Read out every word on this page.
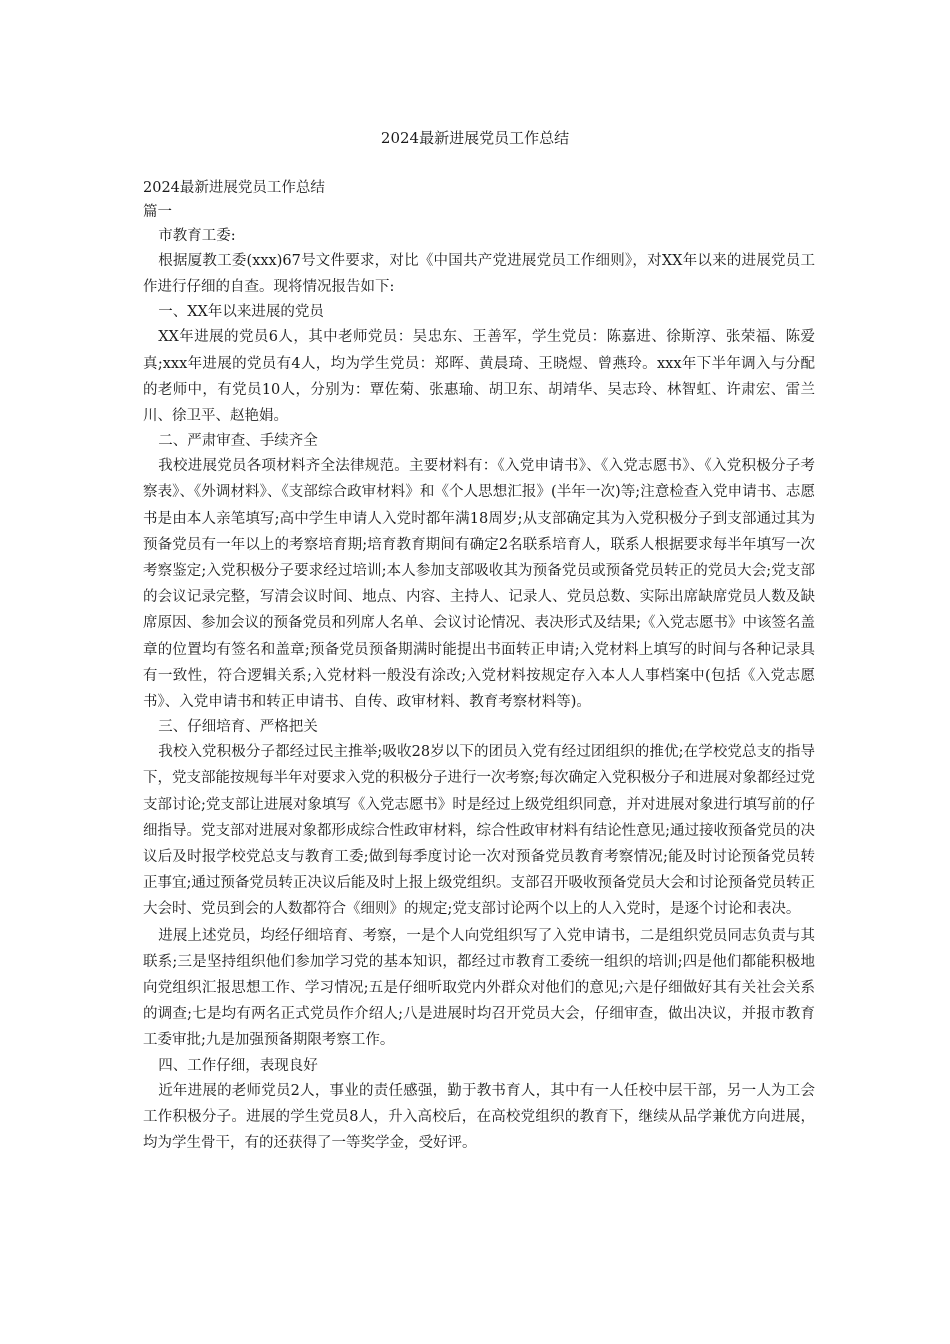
2024最新进展党员工作总结

2024最新进展党员工作总结

篇一

市教育工委:

根据厦教工委(xxx)67号文件要求，对比《中国共产党进展党员工作细则》，对XX年以来的进展党员工作进行仔细的自查。现将情况报告如下:

一、XX年以来进展的党员

XX年进展的党员6人，其中老师党员：吴忠东、王善军，学生党员：陈嘉进、徐斯淳、张荣福、陈爱真;xxx年进展的党员有4人，均为学生党员：郑晖、黄晨琦、王晓煜、曾燕玲。xxx年下半年调入与分配的老师中，有党员10人，分别为：覃佐菊、张惠瑜、胡卫东、胡靖华、吴志玲、林智虹、许肃宏、雷兰川、徐卫平、赵艳娟。

二、严肃审查、手续齐全

我校进展党员各项材料齐全法律规范。主要材料有：《入党申请书》、《入党志愿书》、《入党积极分子考察表》、《外调材料》、《支部综合政审材料》和《个人思想汇报》(半年一次)等;注意检查入党申请书、志愿书是由本人亲笔填写;高中学生申请人入党时都年满18周岁;从支部确定其为入党积极分子到支部通过其为预备党员有一年以上的考察培育期;培育教育期间有确定2名联系培育人，联系人根据要求每半年填写一次考察鉴定;入党积极分子要求经过培训;本人参加支部吸收其为预备党员或预备党员转正的党员大会;党支部的会议记录完整，写清会议时间、地点、内容、主持人、记录人、党员总数、实际出席缺席党员人数及缺席原因、参加会议的预备党员和列席人名单、会议讨论情况、表决形式及结果;《入党志愿书》中该签名盖章的位置均有签名和盖章;预备党员预备期满时能提出书面转正申请;入党材料上填写的时间与各种记录具有一致性，符合逻辑关系;入党材料一般没有涂改;入党材料按规定存入本人人事档案中(包括《入党志愿书》、入党申请书和转正申请书、自传、政审材料、教育考察材料等)。

三、仔细培育、严格把关

我校入党积极分子都经过民主推举;吸收28岁以下的团员入党有经过团组织的推优;在学校党总支的指导下，党支部能按规每半年对要求入党的积极分子进行一次考察;每次确定入党积极分子和进展对象都经过党支部讨论;党支部让进展对象填写《入党志愿书》时是经过上级党组织同意，并对进展对象进行填写前的仔细指导。党支部对进展对象都形成综合性政审材料，综合性政审材料有结论性意见;通过接收预备党员的决议后及时报学校党总支与教育工委;做到每季度讨论一次对预备党员教育考察情况;能及时讨论预备党员转正事宜;通过预备党员转正决议后能及时上报上级党组织。支部召开吸收预备党员大会和讨论预备党员转正大会时、党员到会的人数都符合《细则》的规定;党支部讨论两个以上的人入党时，是逐个讨论和表决。

进展上述党员，均经仔细培育、考察，一是个人向党组织写了入党申请书，二是组织党员同志负责与其联系;三是坚持组织他们参加学习党的基本知识，都经过市教育工委统一组织的培训;四是他们都能积极地向党组织汇报思想工作、学习情况;五是仔细听取党内外群众对他们的意见;六是仔细做好其有关社会关系的调查;七是均有两名正式党员作介绍人;八是进展时均召开党员大会，仔细审查，做出决议，并报市教育工委审批;九是加强预备期限考察工作。

四、工作仔细，表现良好

近年进展的老师党员2人，事业的责任感强，勤于教书育人，其中有一人任校中层干部，另一人为工会工作积极分子。进展的学生党员8人，升入高校后，在高校党组织的教育下，继续从品学兼优方向进展，均为学生骨干，有的还获得了一等奖学金，受好评。
